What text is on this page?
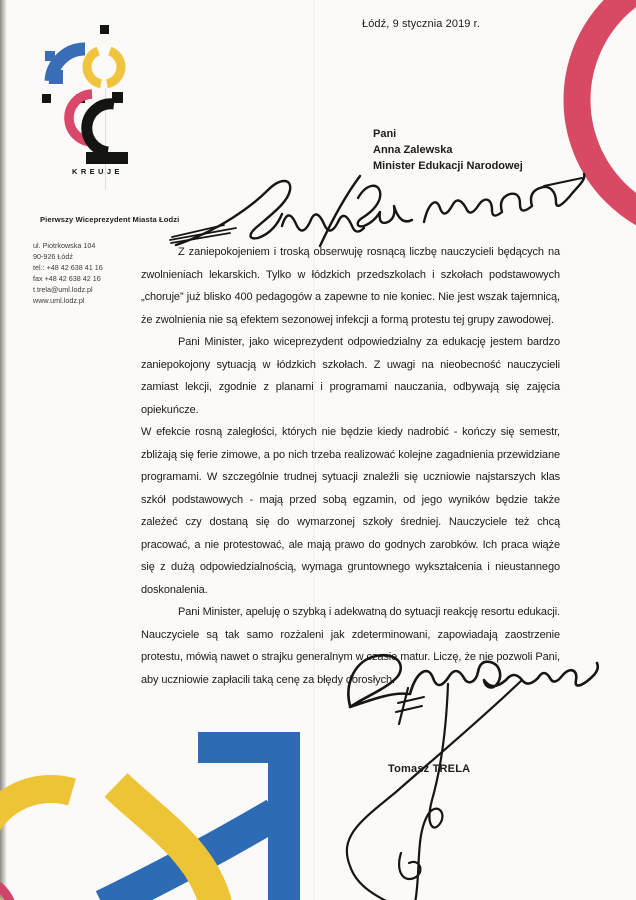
Łódź, 9 stycznia 2019 r.
Pani
Anna Zalewska
Minister Edukacji Narodowej
Pierwszy Wiceprezydent Miasta Łodzi
ul. Piotrkowska 104
90-926 Łódź
tel.: +48 42 638 41 16
fax +48 42 638 42 16
t.trela@uml.lodz.pl
www.uml.lodz.pl
KREUJE

Z zaniepokojeniem i troską obserwuję rosnącą liczbę nauczycieli będących na zwolnieniach lekarskich. Tylko w łódzkich przedszkolach i szkołach podstawowych „choruje” już blisko 400 pedagogów a zapewne to nie koniec. Nie jest wszak tajemnicą, że zwolnienia nie są efektem sezonowej infekcji a formą protestu tej grupy zawodowej.

Pani Minister, jako wiceprezydent odpowiedzialny za edukację jestem bardzo zaniepokojony sytuacją w łódzkich szkołach. Z uwagi na nieobecność nauczycieli zamiast lekcji, zgodnie z planami i programami nauczania, odbywają się zajęcia opiekuńcze.

W efekcie rosną zaległości, których nie będzie kiedy nadrobić - kończy się semestr, zbliżają się ferie zimowe, a po nich trzeba realizować kolejne zagadnienia przewidziane programami. W szczególnie trudnej sytuacji znaleźli się uczniowie najstarszych klas szkół podstawowych - mają przed sobą egzamin, od jego wyników będzie także zależeć czy dostaną się do wymarzonej szkoły średniej. Nauczyciele też chcą pracować, a nie protestować, ale mają prawo do godnych zarobków. Ich praca wiąże się z dużą odpowiedzialnością, wymaga gruntownego wykształcenia i nieustannego doskonalenia.

Pani Minister, apeluję o szybką i adekwatną do sytuacji reakcję resortu edukacji. Nauczyciele są tak samo rozżaleni jak zdeterminowani, zapowiadają zaostrzenie protestu, mówią nawet o strajku generalnym w czasie matur. Liczę, że nie pozwoli Pani, aby uczniowie zapłacili taką cenę za błędy dorosłych.

Tomasz TRELA
